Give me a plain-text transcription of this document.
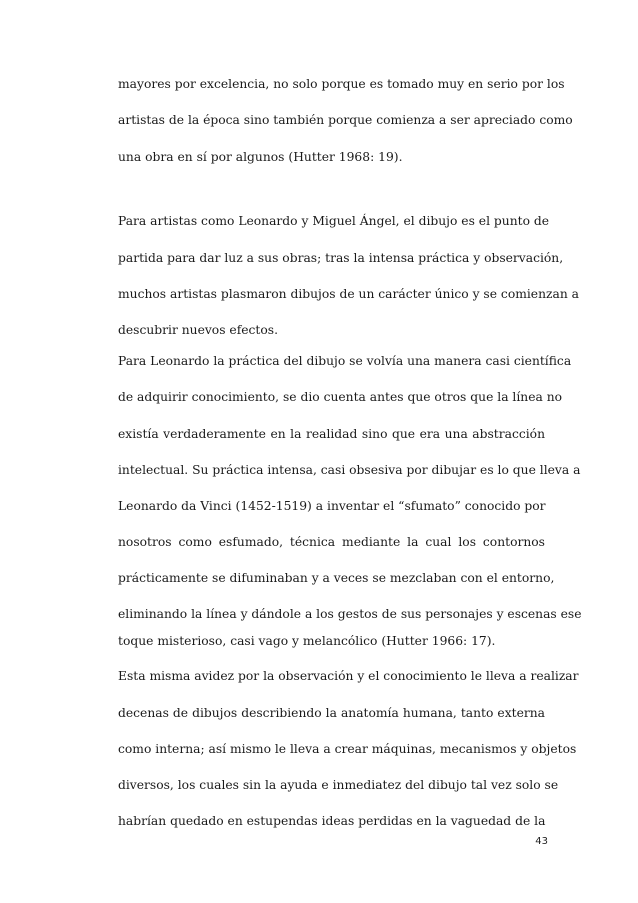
mayores por excelencia, no solo porque es tomado muy en serio por los
artistas de la época sino también porque comienza a ser apreciado como
una obra en sí por algunos (Hutter 1968: 19).
Para artistas como Leonardo y Miguel Ángel, el dibujo es el punto de
partida para dar luz a sus obras; tras la intensa práctica y observación,
muchos artistas plasmaron dibujos de un carácter único y se comienzan a
descubrir nuevos efectos.
Para Leonardo la práctica del dibujo se volvía una manera casi científica
de adquirir conocimiento, se dio cuenta antes que otros que la línea no
existía verdaderamente en la realidad sino que era una abstracción
intelectual. Su práctica intensa, casi obsesiva por dibujar es lo que lleva a
Leonardo da Vinci (1452-1519) a inventar el “sfumato” conocido por
nosotros como esfumado, técnica mediante la cual los contornos
prácticamente se difuminaban y a veces se mezclaban con el entorno,
eliminando la línea y dándole a los gestos de sus personajes y escenas ese
toque misterioso, casi vago y melancólico (Hutter 1966: 17).
Esta misma avidez por la observación y el conocimiento le lleva a realizar
decenas de dibujos describiendo la anatomía humana, tanto externa
como interna; así mismo le lleva a crear máquinas, mecanismos y objetos
diversos, los cuales sin la ayuda e inmediatez del dibujo tal vez solo se
habrían quedado en estupendas ideas perdidas en la vaguedad de la
43
